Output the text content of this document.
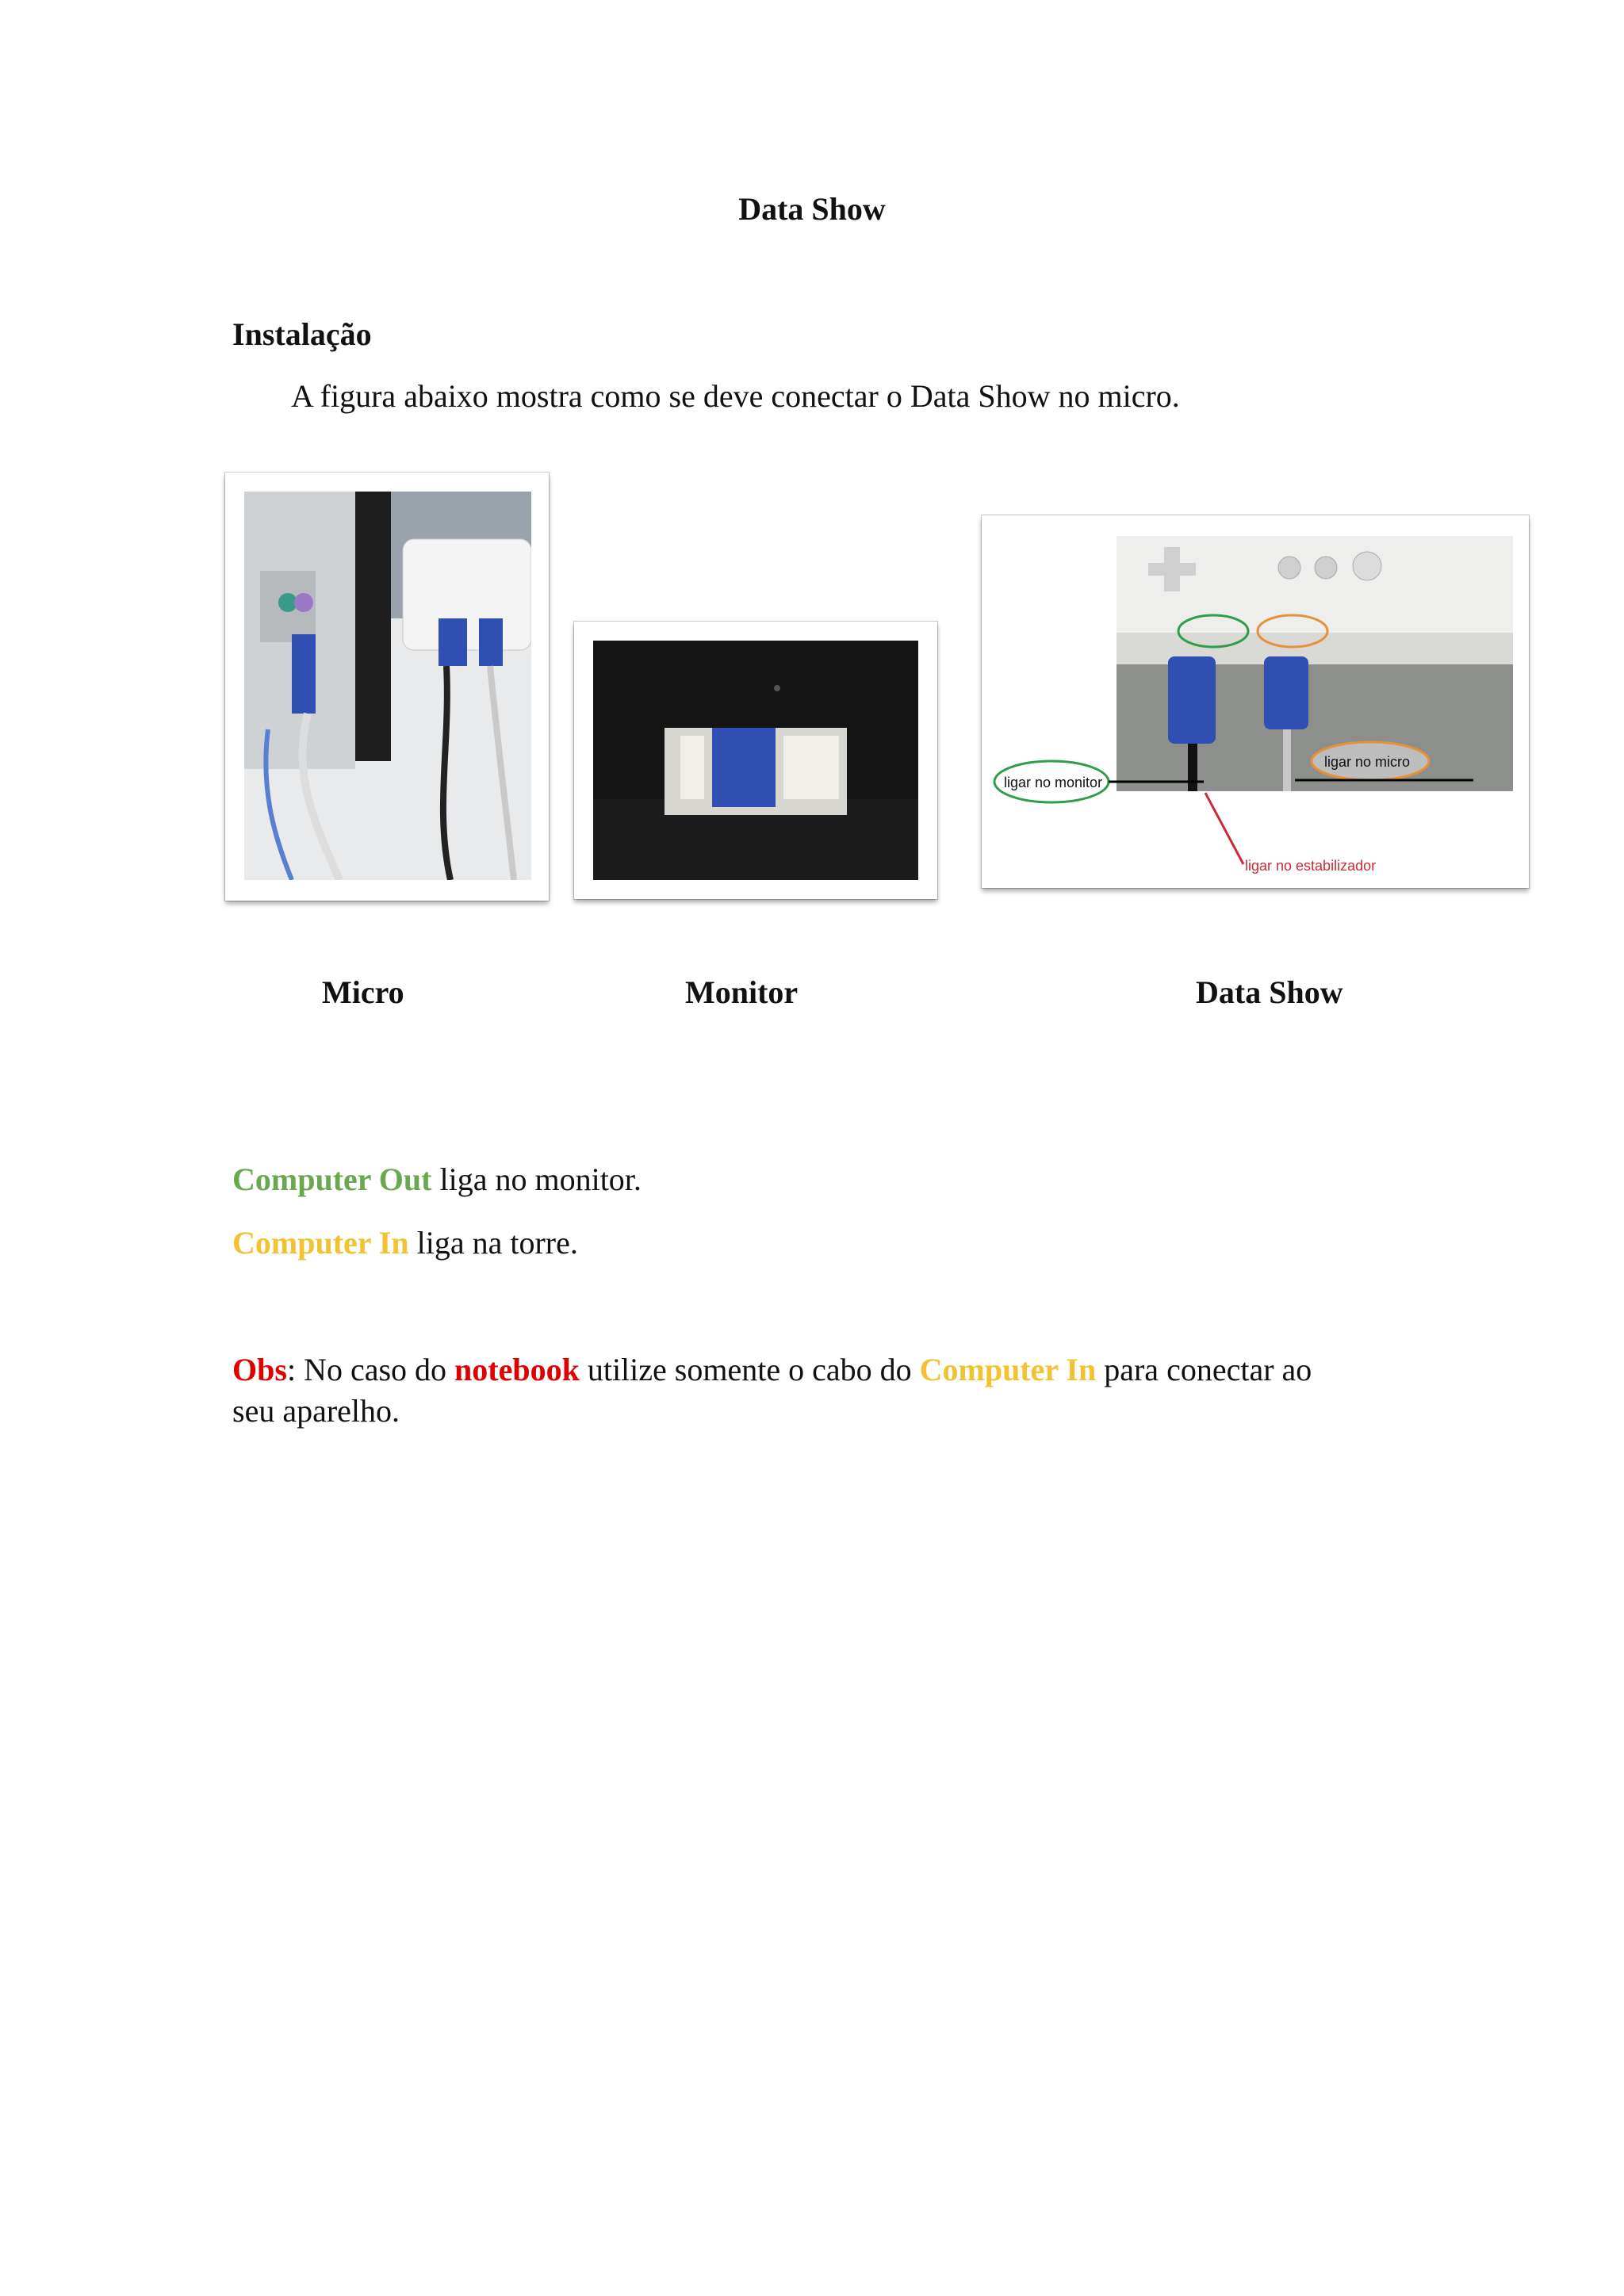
Data Show
Instalação
A figura abaixo mostra como se deve conectar o Data Show no micro.
ligar no monitor
ligar no micro
ligar no estabilizador
Micro	Monitor	Data Show
Computer Out liga no monitor.
Computer In liga na torre.
Obs: No caso do notebook utilize somente o cabo do Computer In para conectar ao
seu aparelho.
